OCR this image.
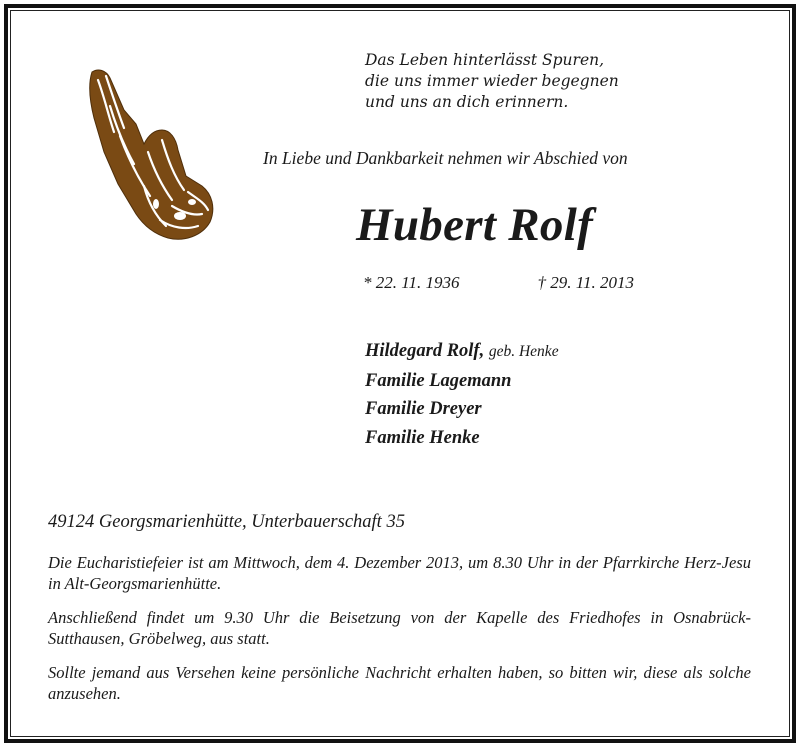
Das Leben hinterlässt Spuren,
die uns immer wieder begegnen
und uns an dich erinnern.
In Liebe und Dankbarkeit nehmen wir Abschied von
Hubert Rolf
* 22. 11. 1936	† 29. 11. 2013
Hildegard Rolf, geb. Henke
Familie Lagemann
Familie Dreyer
Familie Henke
49124 Georgsmarienhütte, Unterbauerschaft 35
Die Eucharistiefeier ist am Mittwoch, dem 4. Dezember 2013, um 8.30 Uhr in der Pfarrkirche Herz-Jesu in Alt-Georgsmarienhütte.
Anschließend findet um 9.30 Uhr die Beisetzung von der Kapelle des Friedhofes in Osnabrück-Sutthausen, Gröbelweg, aus statt.
Sollte jemand aus Versehen keine persönliche Nachricht erhalten haben, so bitten wir, diese als solche anzusehen.
